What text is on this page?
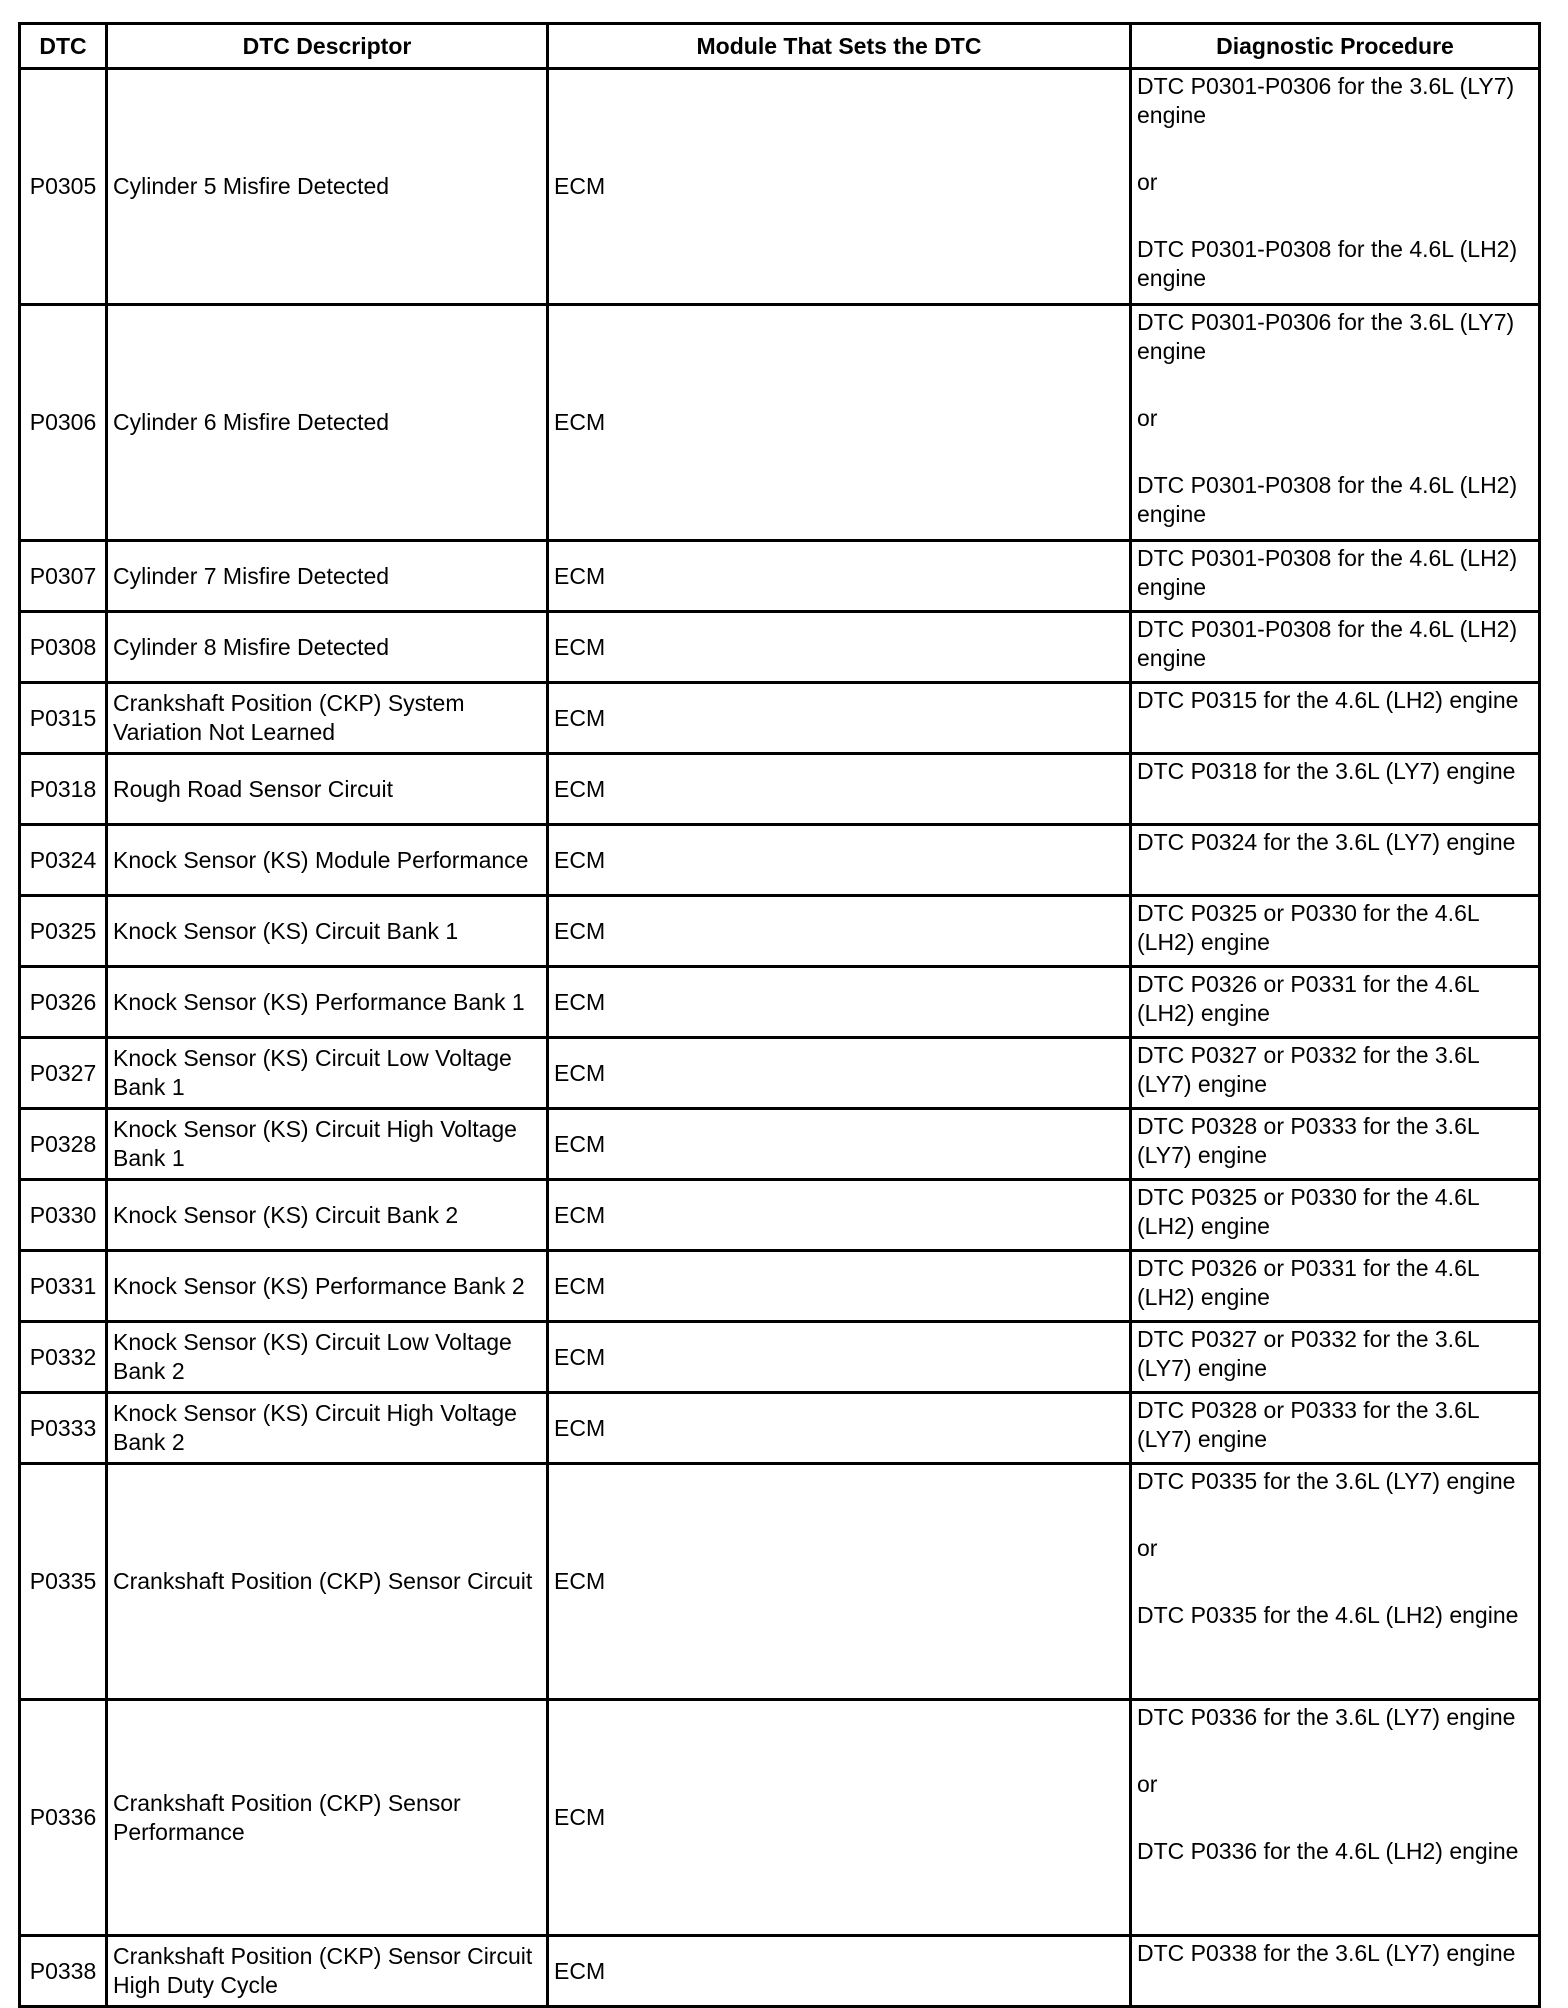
DTC	DTC Descriptor	Module That Sets the DTC	Diagnostic Procedure
P0305	Cylinder 5 Misfire Detected	ECM	DTC P0301-P0306 for the 3.6L (LY7) engine
or
DTC P0301-P0308 for the 4.6L (LH2) engine

P0306	Cylinder 6 Misfire Detected	ECM	DTC P0301-P0306 for the 3.6L (LY7) engine
or
DTC P0301-P0308 for the 4.6L (LH2) engine

P0307	Cylinder 7 Misfire Detected	ECM	DTC P0301-P0308 for the 4.6L (LH2) engine
P0308	Cylinder 8 Misfire Detected	ECM	DTC P0301-P0308 for the 4.6L (LH2) engine
P0315	Crankshaft Position (CKP) System Variation Not Learned	ECM	DTC P0315 for the 4.6L (LH2) engine
P0318	Rough Road Sensor Circuit	ECM	DTC P0318 for the 3.6L (LY7) engine
P0324	Knock Sensor (KS) Module Performance	ECM	DTC P0324 for the 3.6L (LY7) engine
P0325	Knock Sensor (KS) Circuit Bank 1	ECM	DTC P0325 or P0330 for the 4.6L (LH2) engine
P0326	Knock Sensor (KS) Performance Bank 1	ECM	DTC P0326 or P0331 for the 4.6L (LH2) engine
P0327	Knock Sensor (KS) Circuit Low Voltage Bank 1	ECM	DTC P0327 or P0332 for the 3.6L (LY7) engine
P0328	Knock Sensor (KS) Circuit High Voltage Bank 1	ECM	DTC P0328 or P0333 for the 3.6L (LY7) engine
P0330	Knock Sensor (KS) Circuit Bank 2	ECM	DTC P0325 or P0330 for the 4.6L (LH2) engine
P0331	Knock Sensor (KS) Performance Bank 2	ECM	DTC P0326 or P0331 for the 4.6L (LH2) engine
P0332	Knock Sensor (KS) Circuit Low Voltage Bank 2	ECM	DTC P0327 or P0332 for the 3.6L (LY7) engine
P0333	Knock Sensor (KS) Circuit High Voltage Bank 2	ECM	DTC P0328 or P0333 for the 3.6L (LY7) engine
P0335	Crankshaft Position (CKP) Sensor Circuit	ECM	DTC P0335 for the 3.6L (LY7) engine
or
DTC P0335 for the 4.6L (LH2) engine

P0336	Crankshaft Position (CKP) Sensor Performance	ECM	DTC P0336 for the 3.6L (LY7) engine
or
DTC P0336 for the 4.6L (LH2) engine

P0338	Crankshaft Position (CKP) Sensor Circuit High Duty Cycle	ECM	DTC P0338 for the 3.6L (LY7) engine
